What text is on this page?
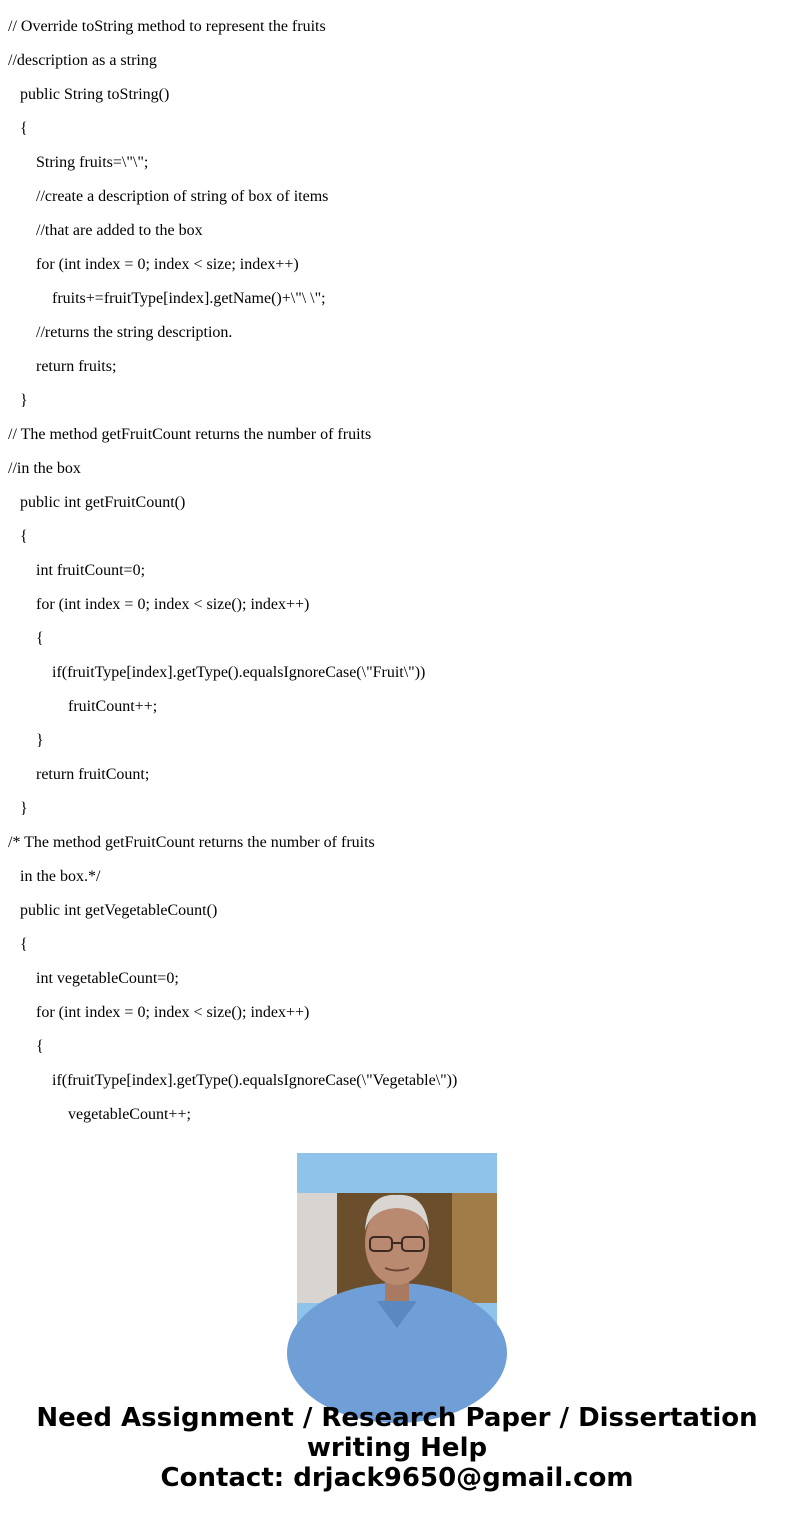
// Override toString method to represent the fruits
//description as a string
public String toString()
{
String fruits=\"\";
//create a description of string of box of items
//that are added to the box
for (int index = 0; index < size; index++)
fruits+=fruitType[index].getName()+\"\ \";
//returns the string description.
return fruits;
}
// The method getFruitCount returns the number of fruits
//in the box
public int getFruitCount()
{
int fruitCount=0;
for (int index = 0; index < size(); index++)
{
if(fruitType[index].getType().equalsIgnoreCase(\"Fruit\"))
fruitCount++;
}
return fruitCount;
}
/* The method getFruitCount returns the number of fruits
in the box.*/
public int getVegetableCount()
{
int vegetableCount=0;
for (int index = 0; index < size(); index++)
{
if(fruitType[index].getType().equalsIgnoreCase(\"Vegetable\"))
vegetableCount++;
Need Assignment / Research Paper / Dissertation
writing Help
Contact: drjack9650@gmail.com
